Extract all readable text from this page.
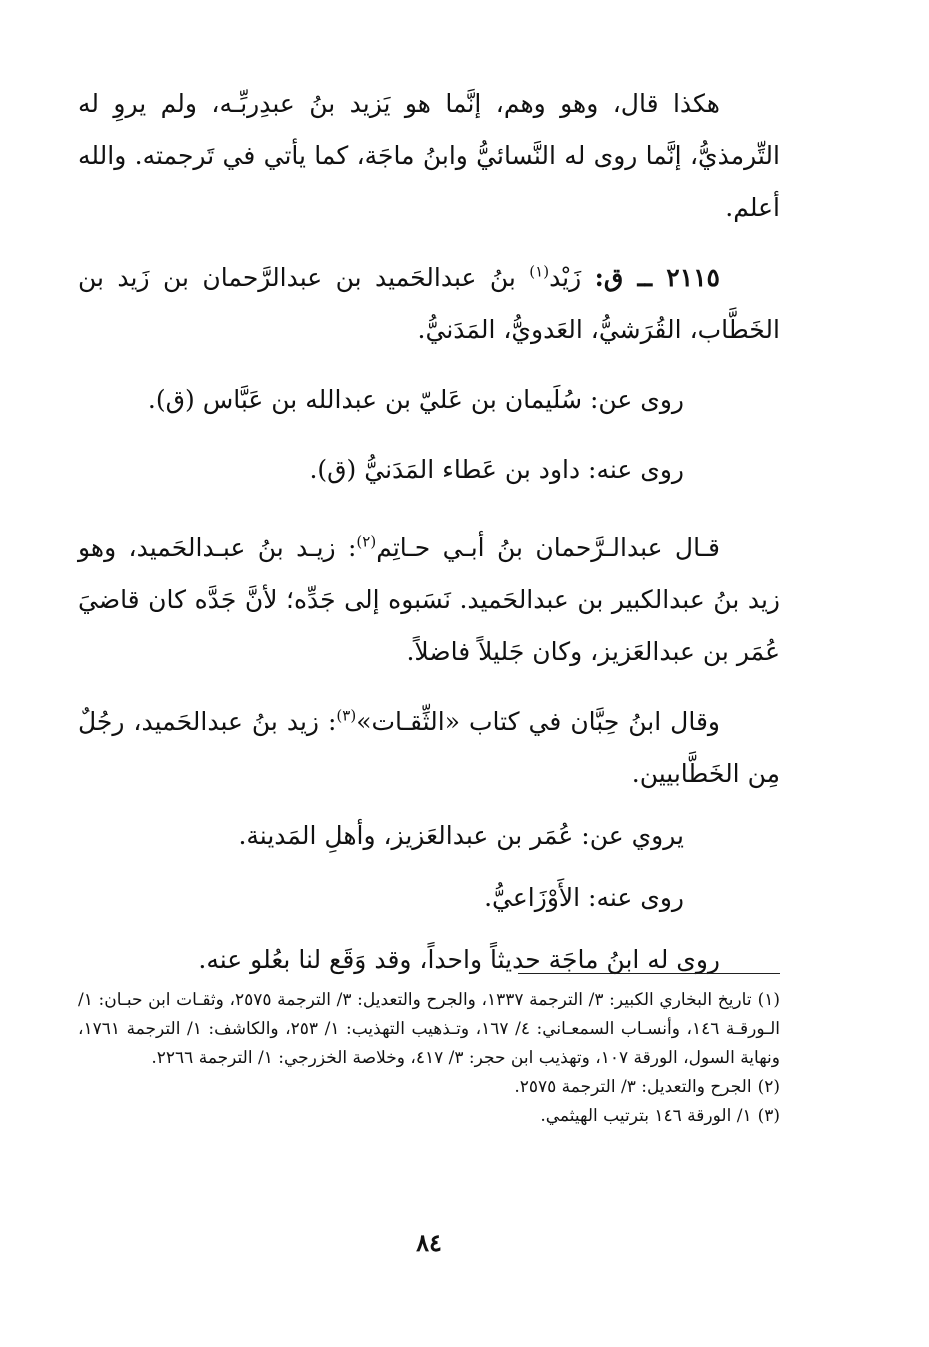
هكذا قال، وهو وهم، إنَّما هو يَزيد بنُ عبدِربِّـه، ولم يروِ له التِّرمذيُّ، إنَّما روى له النَّسائيُّ وابنُ ماجَة، كما يأتي في تَرجمته. والله أعلم.

٢١١٥ ــ ق: زَيْد$^{(١)}$ بنُ عبدالحَميد بن عبدالرَّحمان بن زَيد بن الخَطَّاب، القُرَشيُّ، العَدويُّ، المَدَنيُّ.

روى عن: سُلَيمان بن عَليّ بن عبدالله بن عَبَّاس (ق).

روى عنه: داود بن عَطاء المَدَنيُّ (ق).

قـال عبدالـرَّحمان بنُ أبـي حـاتِم$^{(٢)}$: زيـد بنُ عبـدالحَميد، وهو زيد بنُ عبدالكبير بن عبدالحَميد. نَسَبوه إلى جَدِّه؛ لأنَّ جَدَّه كان قاضيَ عُمَر بن عبدالعَزيز، وكان جَليلاً فاضلاً.

وقال ابنُ حِبَّان في كتاب «الثِّقـات»$^{(٣)}$: زيد بنُ عبدالحَميد، رجُلٌ مِن الخَطَّابيين.

يروي عن: عُمَر بن عبدالعَزيز، وأهلِ المَدينة.

روى عنه: الأَوْزَاعيُّ.

روى له ابنُ ماجَة حديثاً واحداً، وقد وَقَع لنا بعُلو عنه.

(١)تاريخ البخاري الكبير: ٣/ الترجمة ١٣٣٧، والجرح والتعديل: ٣/ الترجمة ٢٥٧٥، وثقـات ابن حبـان: ١/ الـورقـة ١٤٦، وأنسـاب السمعـاني: ٤/ ١٦٧، وتـذهيب التهذيب: ١/ ٢٥٣، والكاشف: ١/ الترجمة ١٧٦١، ونهاية السول، الورقة ١٠٧، وتهذيب ابن حجر: ٣/ ٤١٧، وخلاصة الخزرجي: ١/ الترجمة ٢٢٦٦.

(٢)الجرح والتعديل: ٣/ الترجمة ٢٥٧٥.

(٣)١/ الورقة ١٤٦ بترتيب الهيثمي.

٨٤
